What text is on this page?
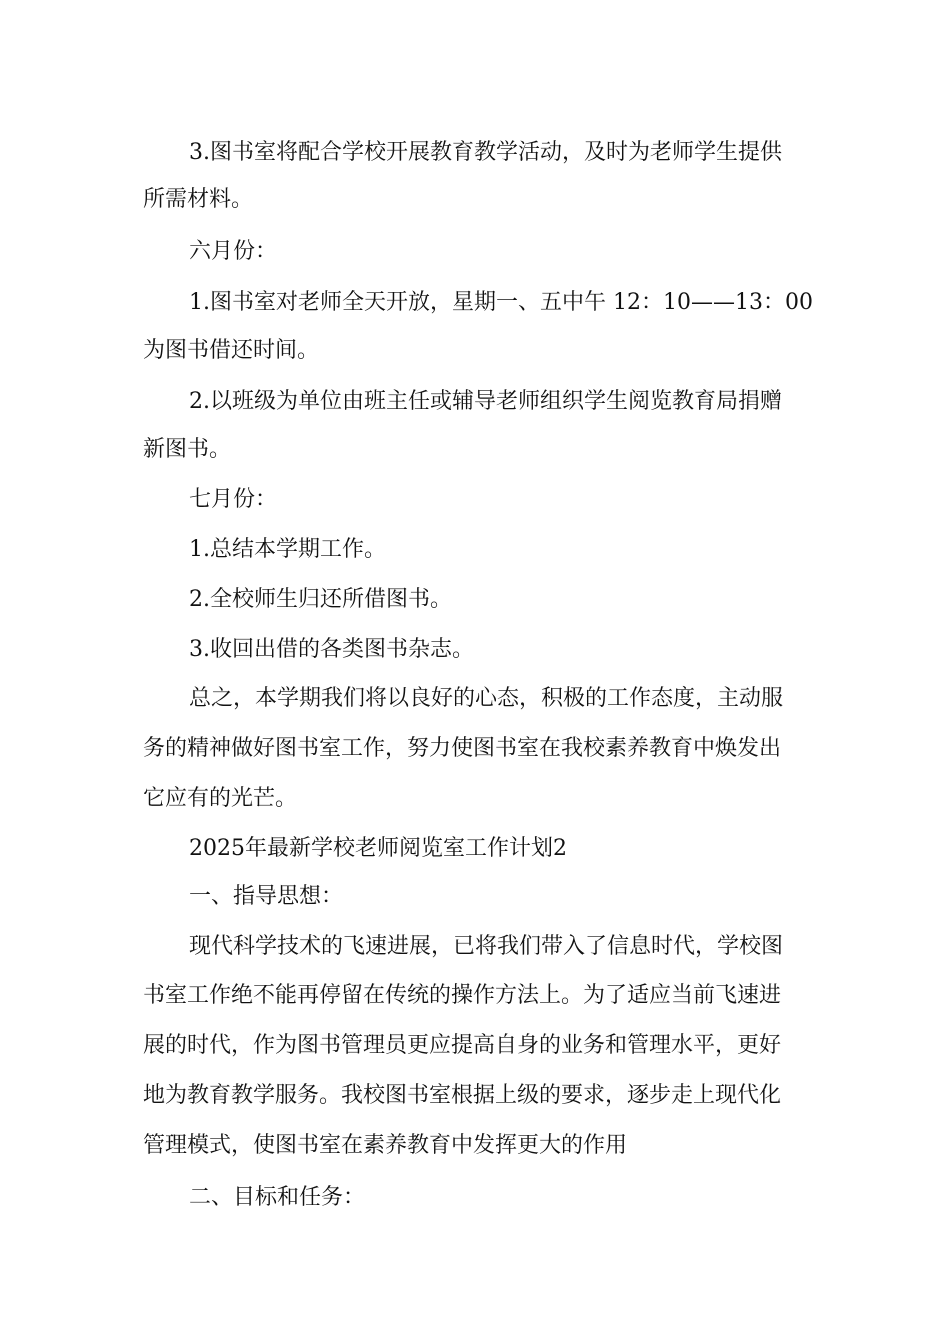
3.图书室将配合学校开展教育教学活动，及时为老师学生提供
所需材料。
六月份：
1.图书室对老师全天开放，星期一、五中午 12：10——13：00
为图书借还时间。
2.以班级为单位由班主任或辅导老师组织学生阅览教育局捐赠
新图书。
七月份：
1.总结本学期工作。
2.全校师生归还所借图书。
3.收回出借的各类图书杂志。
总之，本学期我们将以良好的心态，积极的工作态度，主动服
务的精神做好图书室工作，努力使图书室在我校素养教育中焕发出
它应有的光芒。
2025年最新学校老师阅览室工作计划2
一、指导思想：
现代科学技术的飞速进展，已将我们带入了信息时代，学校图
书室工作绝不能再停留在传统的操作方法上。为了适应当前飞速进
展的时代，作为图书管理员更应提高自身的业务和管理水平，更好
地为教育教学服务。我校图书室根据上级的要求，逐步走上现代化
管理模式，使图书室在素养教育中发挥更大的作用
二、目标和任务：
